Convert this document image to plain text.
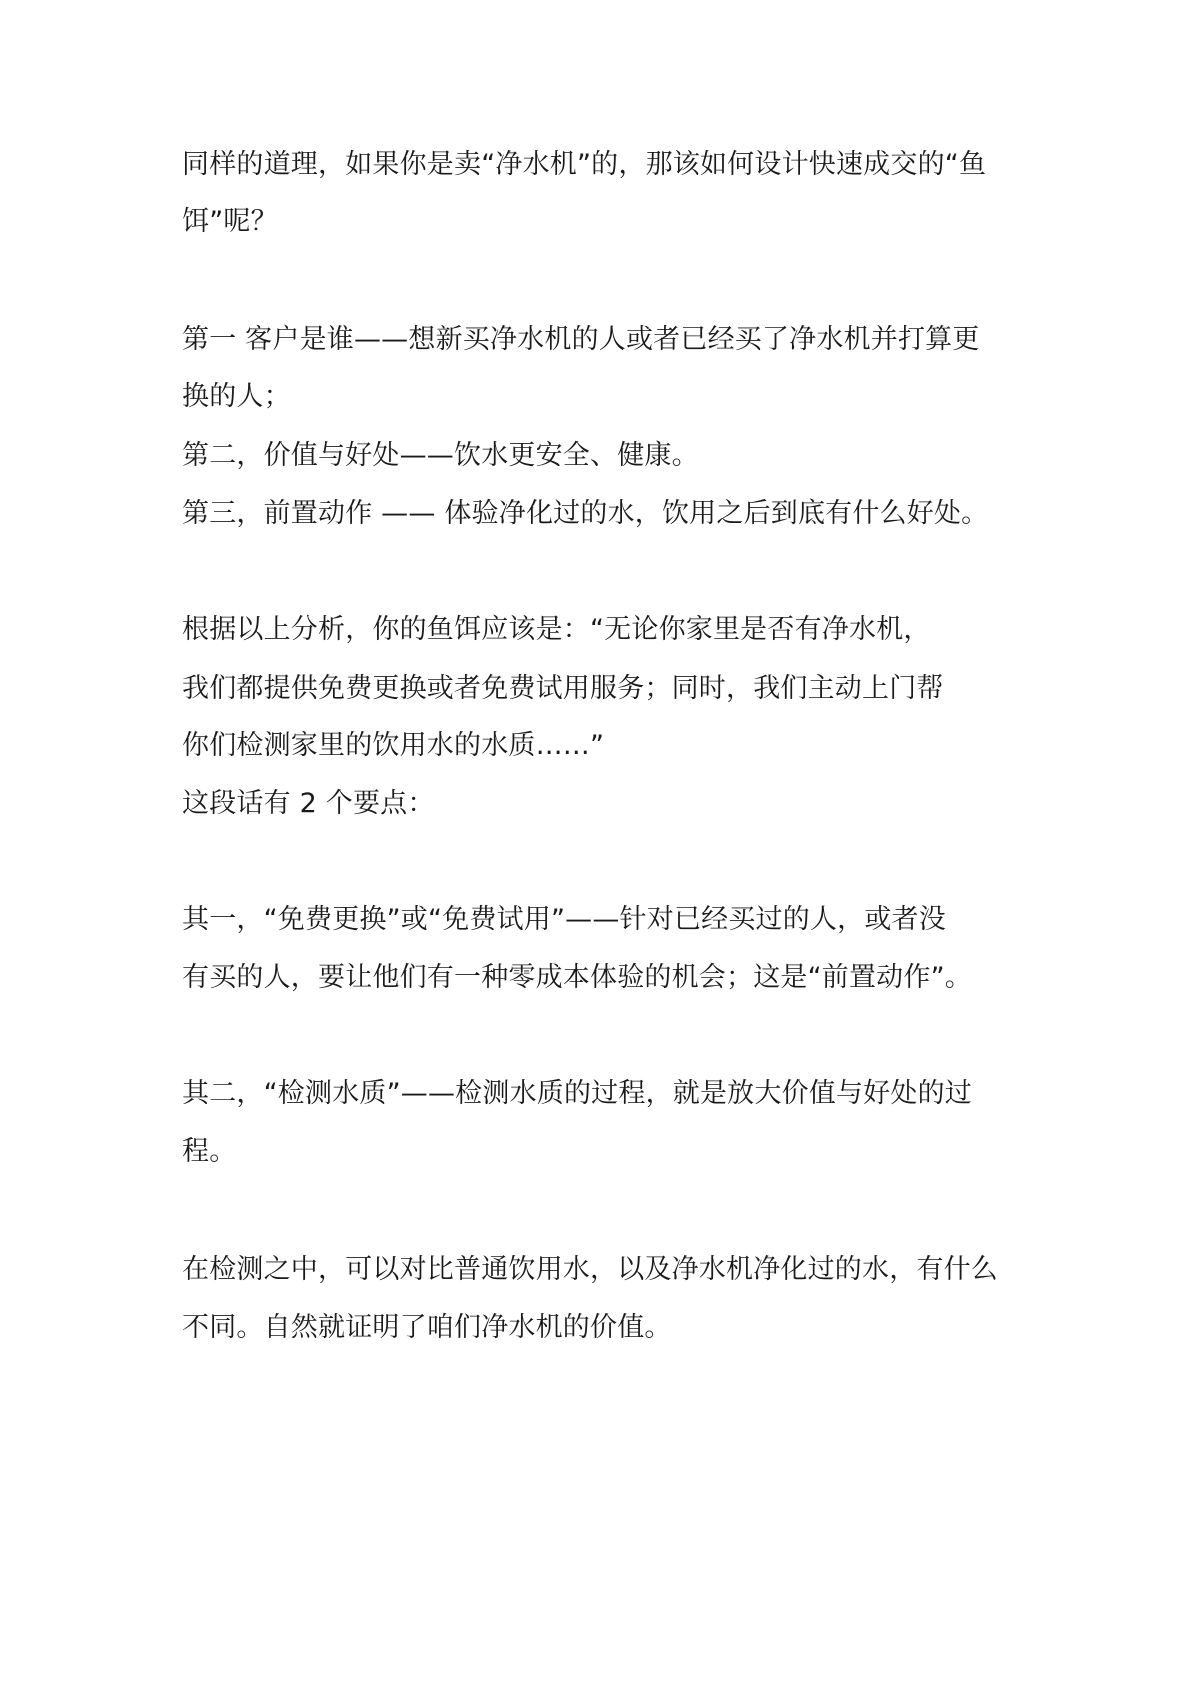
同样的道理，如果你是卖“净水机”的，那该如何设计快速成交的“鱼
饵”呢？
第一 客户是谁——想新买净水机的人或者已经买了净水机并打算更
换的人；
第二，价值与好处——饮水更安全、健康。
第三，前置动作 —— 体验净化过的水，饮用之后到底有什么好处。
根据以上分析，你的鱼饵应该是：“无论你家里是否有净水机，
我们都提供免费更换或者免费试用服务；同时，我们主动上门帮
你们检测家里的饮用水的水质……”
这段话有 2 个要点：
其一，“免费更换”或“免费试用”——针对已经买过的人，或者没
有买的人，要让他们有一种零成本体验的机会；这是“前置动作”。
其二，“检测水质”——检测水质的过程，就是放大价值与好处的过
程。
在检测之中，可以对比普通饮用水，以及净水机净化过的水，有什么
不同。自然就证明了咱们净水机的价值。
